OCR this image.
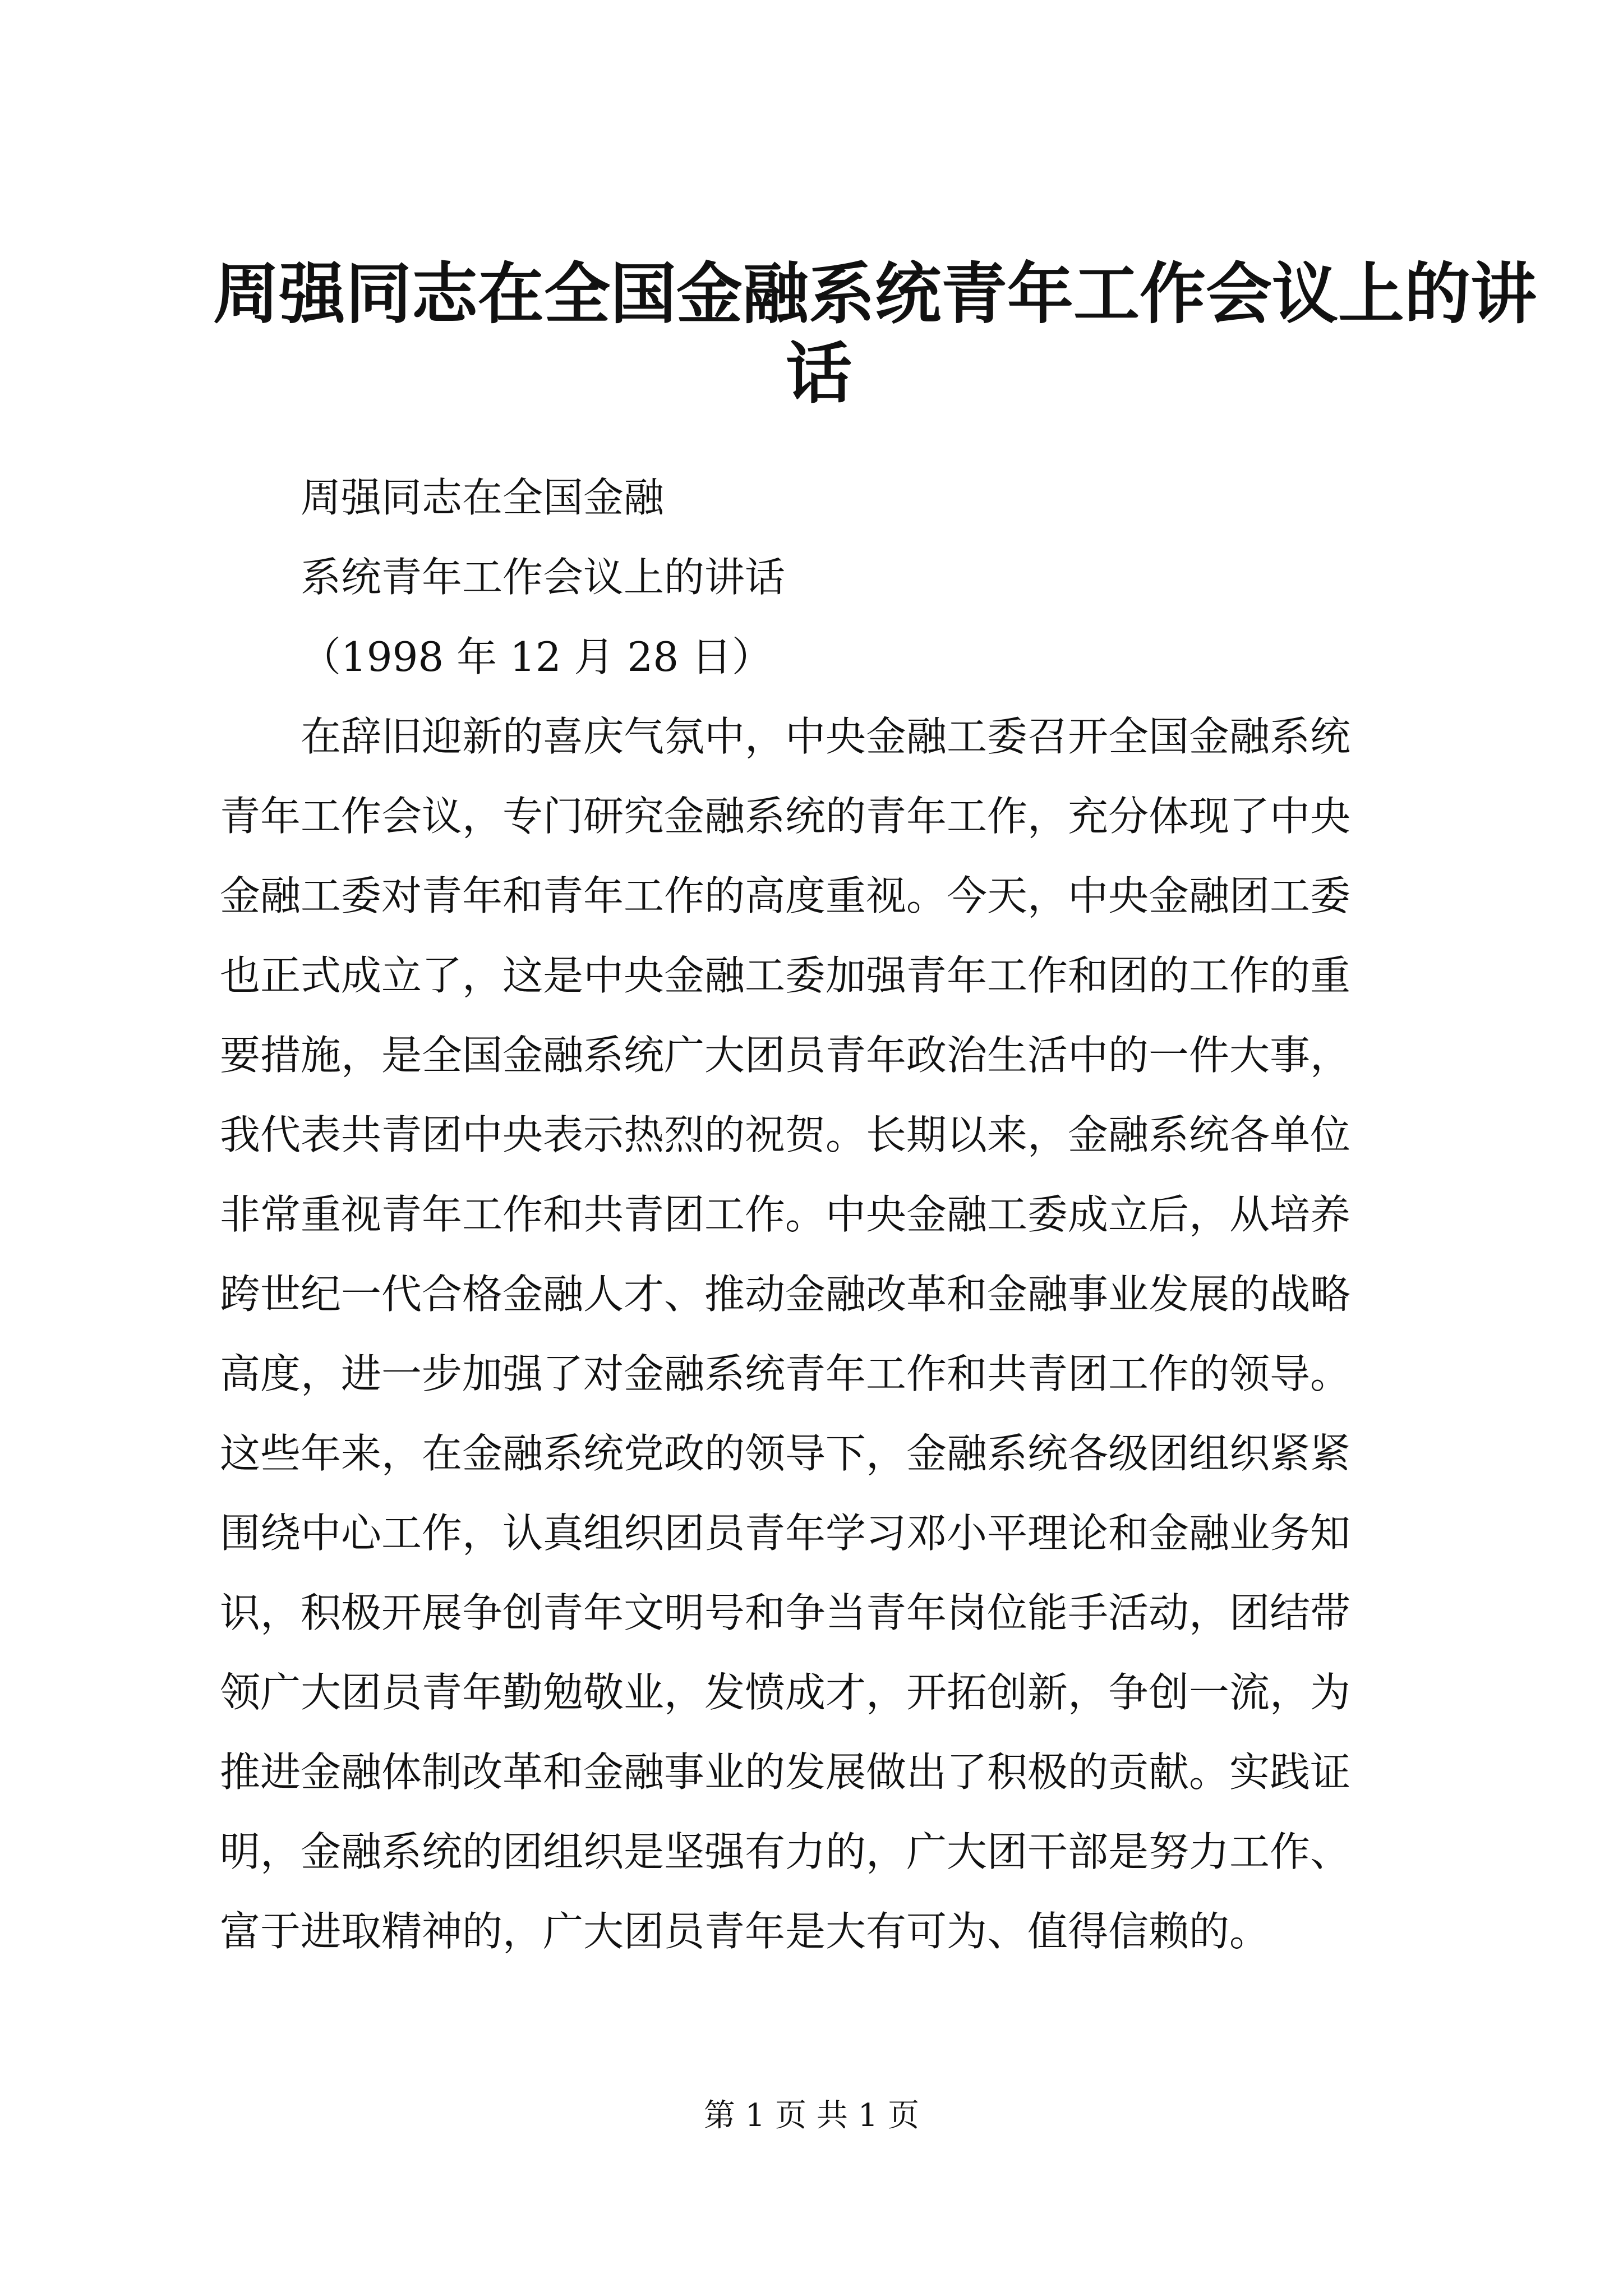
周强同志在全国金融系统青年工作会议上的讲
话
周强同志在全国金融
系统青年工作会议上的讲话
（1998 年 12 月 28 日）
在辞旧迎新的喜庆气氛中，中央金融工委召开全国金融系统
青年工作会议，专门研究金融系统的青年工作，充分体现了中央
金融工委对青年和青年工作的高度重视。今天，中央金融团工委
也正式成立了，这是中央金融工委加强青年工作和团的工作的重
要措施，是全国金融系统广大团员青年政治生活中的一件大事，
我代表共青团中央表示热烈的祝贺。长期以来，金融系统各单位
非常重视青年工作和共青团工作。中央金融工委成立后，从培养
跨世纪一代合格金融人才、推动金融改革和金融事业发展的战略
高度，进一步加强了对金融系统青年工作和共青团工作的领导。
这些年来，在金融系统党政的领导下，金融系统各级团组织紧紧
围绕中心工作，认真组织团员青年学习邓小平理论和金融业务知
识，积极开展争创青年文明号和争当青年岗位能手活动，团结带
领广大团员青年勤勉敬业，发愤成才，开拓创新，争创一流，为
推进金融体制改革和金融事业的发展做出了积极的贡献。实践证
明，金融系统的团组织是坚强有力的，广大团干部是努力工作、
富于进取精神的，广大团员青年是大有可为、值得信赖的。
第 1 页 共 1 页
